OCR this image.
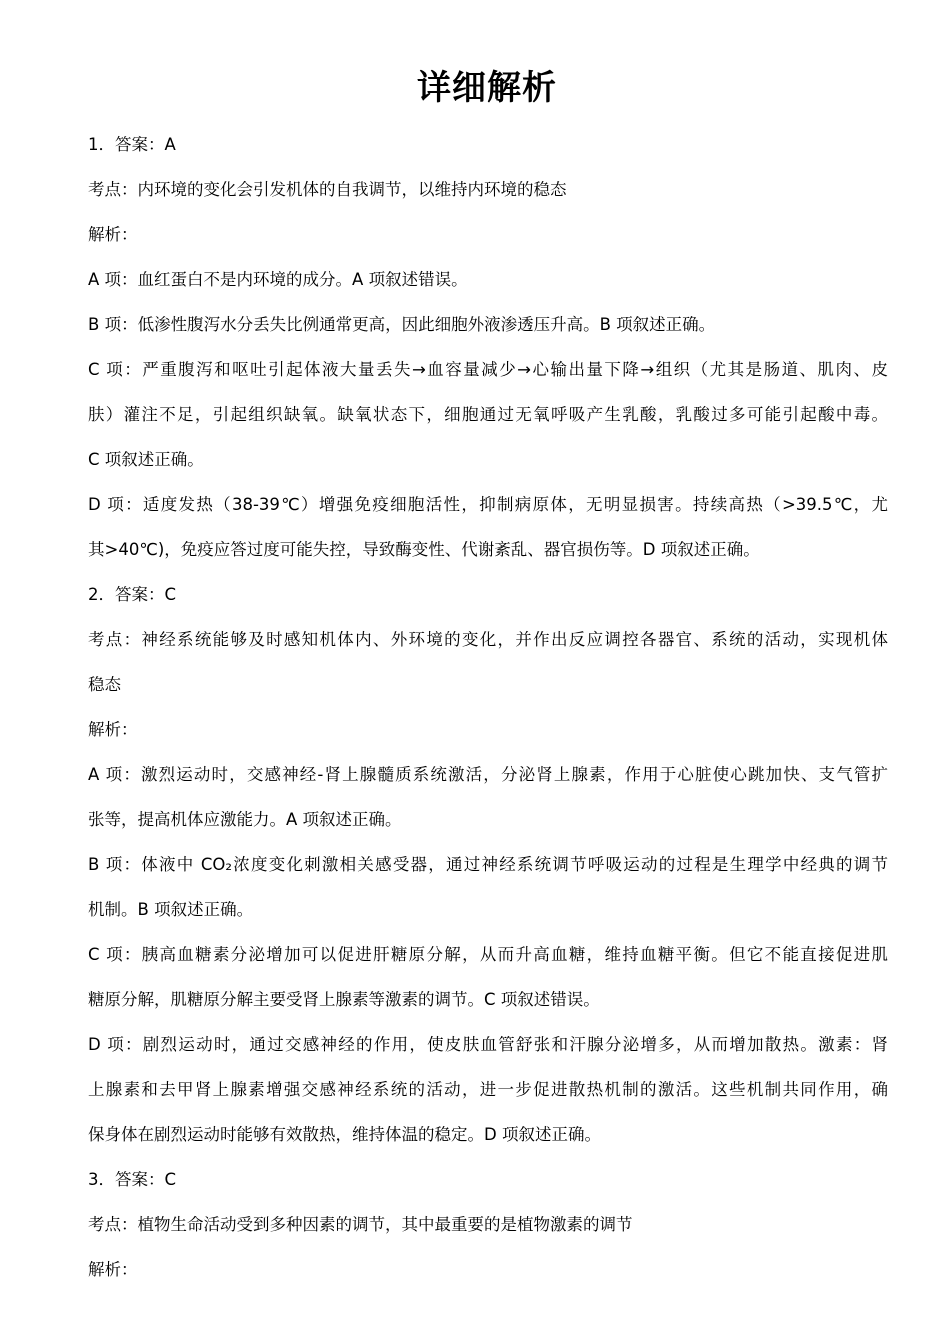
详细解析
1．答案：A
考点：内环境的变化会引发机体的自我调节，以维持内环境的稳态
解析：
A 项：血红蛋白不是内环境的成分。A 项叙述错误。
B 项：低渗性腹泻水分丢失比例通常更高，因此细胞外液渗透压升高。B 项叙述正确。
C 项：严重腹泻和呕吐引起体液大量丢失→血容量减少→心输出量下降→组织（尤其是肠道、肌肉、皮
肤）灌注不足，引起组织缺氧。缺氧状态下，细胞通过无氧呼吸产生乳酸，乳酸过多可能引起酸中毒。
C 项叙述正确。
D 项：适度发热（38-39℃）增强免疫细胞活性，抑制病原体，无明显损害。持续高热（>39.5℃，尤
其>40℃)，免疫应答过度可能失控，导致酶变性、代谢紊乱、器官损伤等。D 项叙述正确。
2．答案：C
考点：神经系统能够及时感知机体内、外环境的变化，并作出反应调控各器官、系统的活动，实现机体
稳态
解析：
A 项：激烈运动时，交感神经-肾上腺髓质系统激活，分泌肾上腺素，作用于心脏使心跳加快、支气管扩
张等，提高机体应激能力。A 项叙述正确。
B 项：体液中 CO₂浓度变化刺激相关感受器，通过神经系统调节呼吸运动的过程是生理学中经典的调节
机制。B 项叙述正确。
C 项：胰高血糖素分泌增加可以促进肝糖原分解，从而升高血糖，维持血糖平衡。但它不能直接促进肌
糖原分解，肌糖原分解主要受肾上腺素等激素的调节。C 项叙述错误。
D 项：剧烈运动时，通过交感神经的作用，使皮肤血管舒张和汗腺分泌增多，从而增加散热。激素：肾
上腺素和去甲肾上腺素增强交感神经系统的活动，进一步促进散热机制的激活。这些机制共同作用，确
保身体在剧烈运动时能够有效散热，维持体温的稳定。D 项叙述正确。
3．答案：C
考点：植物生命活动受到多种因素的调节，其中最重要的是植物激素的调节
解析：
